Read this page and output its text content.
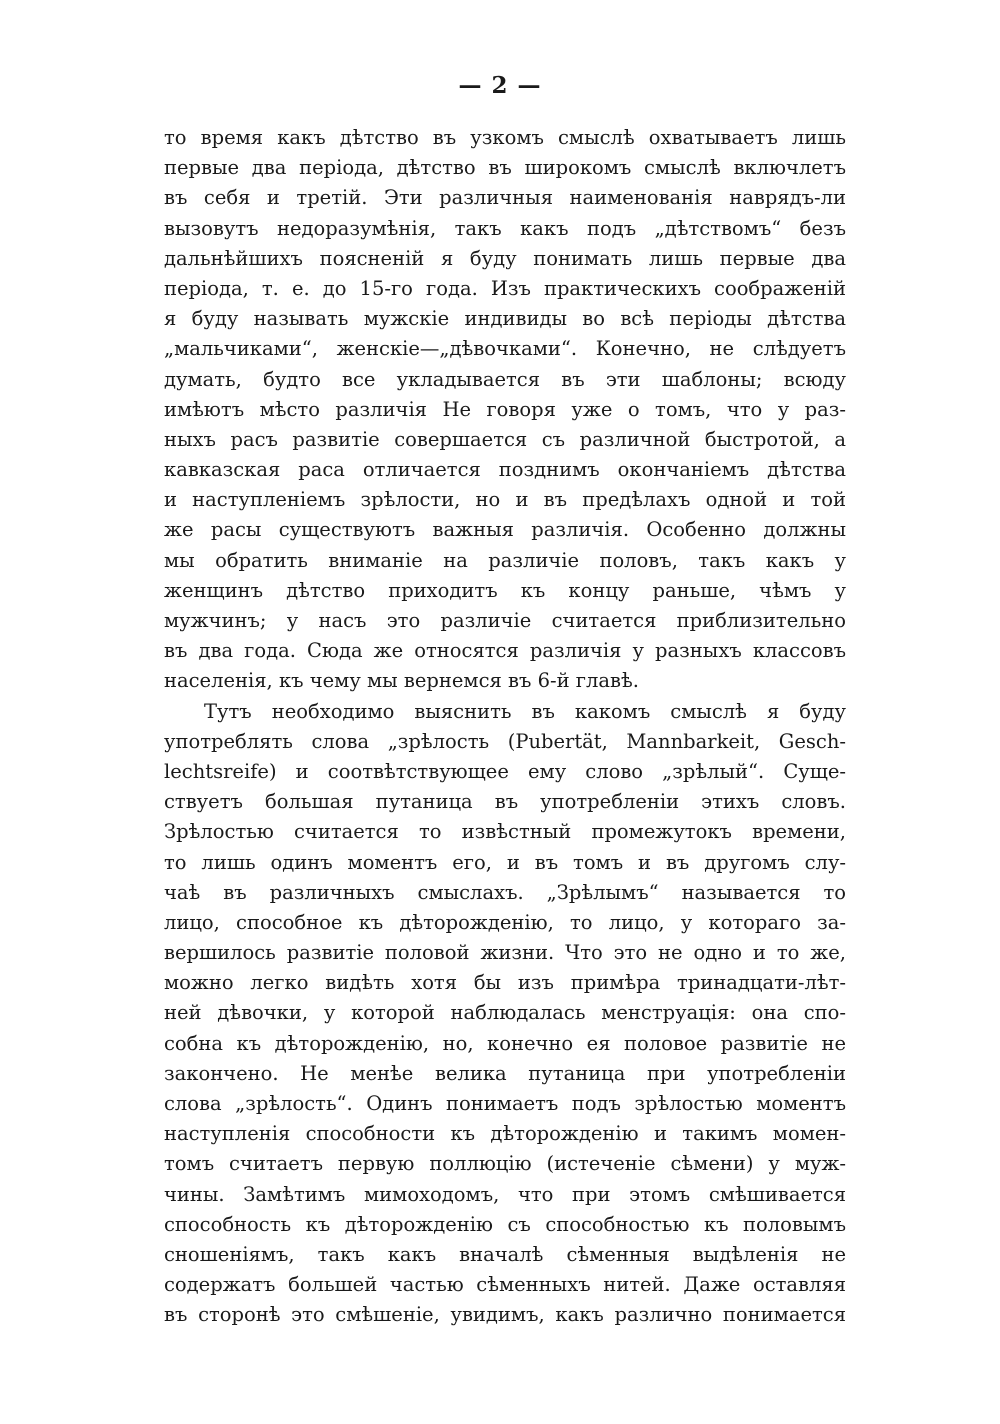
— 2 —
то время какъ дѣтство въ узкомъ смыслѣ охватываетъ лишь
первые два періода, дѣтство въ широкомъ смыслѣ включлетъ
въ себя и третій. Эти различныя наименованія наврядъ-ли
вызовутъ недоразумѣнія, такъ какъ подъ „дѣтствомъ“ безъ
дальнѣйшихъ поясненій я буду понимать лишь первые два
періода, т. е. до 15-го года. Изъ практическихъ соображеній
я буду называть мужскіе индивиды во всѣ періоды дѣтства
„мальчиками“, женскіе—„дѣвочками“. Конечно, не слѣдуетъ
думать, будто все укладывается въ эти шаблоны; всюду
имѣютъ мѣсто различія Не говоря уже о томъ, что у раз-
ныхъ расъ развитіе совершается съ различной быстротой, а
кавказская раса отличается позднимъ окончаніемъ дѣтства
и наступленіемъ зрѣлости, но и въ предѣлахъ одной и той
же расы существуютъ важныя различія. Особенно должны
мы обратить вниманіе на различіе половъ, такъ какъ у
женщинъ дѣтство приходитъ къ концу раньше, чѣмъ у
мужчинъ; у насъ это различіе считается приблизительно
въ два года. Сюда же относятся различія у разныхъ классовъ
населенія, къ чему мы вернемся въ 6-й главѣ.
Тутъ необходимо выяснить въ какомъ смыслѣ я буду
употреблять слова „зрѣлость (Pubertät, Mannbarkeit, Gesch-
lechtsreife) и соотвѣтствующее ему слово „зрѣлый“. Суще-
ствуетъ большая путаница въ употребленіи этихъ словъ.
Зрѣлостью считается то извѣстный промежутокъ времени,
то лишь одинъ моментъ его, и въ томъ и въ другомъ слу-
чаѣ въ различныхъ смыслахъ. „Зрѣлымъ“ называется то
лицо, способное къ дѣторожденію, то лицо, у котораго за-
вершилось развитіе половой жизни. Что это не одно и то же,
можно легко видѣть хотя бы изъ примѣра тринадцати-лѣт-
ней дѣвочки, у которой наблюдалась менструація: она спо-
собна къ дѣторожденію, но, конечно ея половое развитіе не
закончено. Не менѣе велика путаница при употребленіи
слова „зрѣлость“. Одинъ понимаетъ подъ зрѣлостью моментъ
наступленія способности къ дѣторожденію и такимъ момен-
томъ считаетъ первую поллюцію (истеченіе сѣмени) у муж-
чины. Замѣтимъ мимоходомъ, что при этомъ смѣшивается
способность къ дѣторожденію съ способностью къ половымъ
сношеніямъ, такъ какъ вначалѣ сѣменныя выдѣленія не
содержатъ большей частью сѣменныхъ нитей. Даже оставляя
въ сторонѣ это смѣшеніе, увидимъ, какъ различно понимается
